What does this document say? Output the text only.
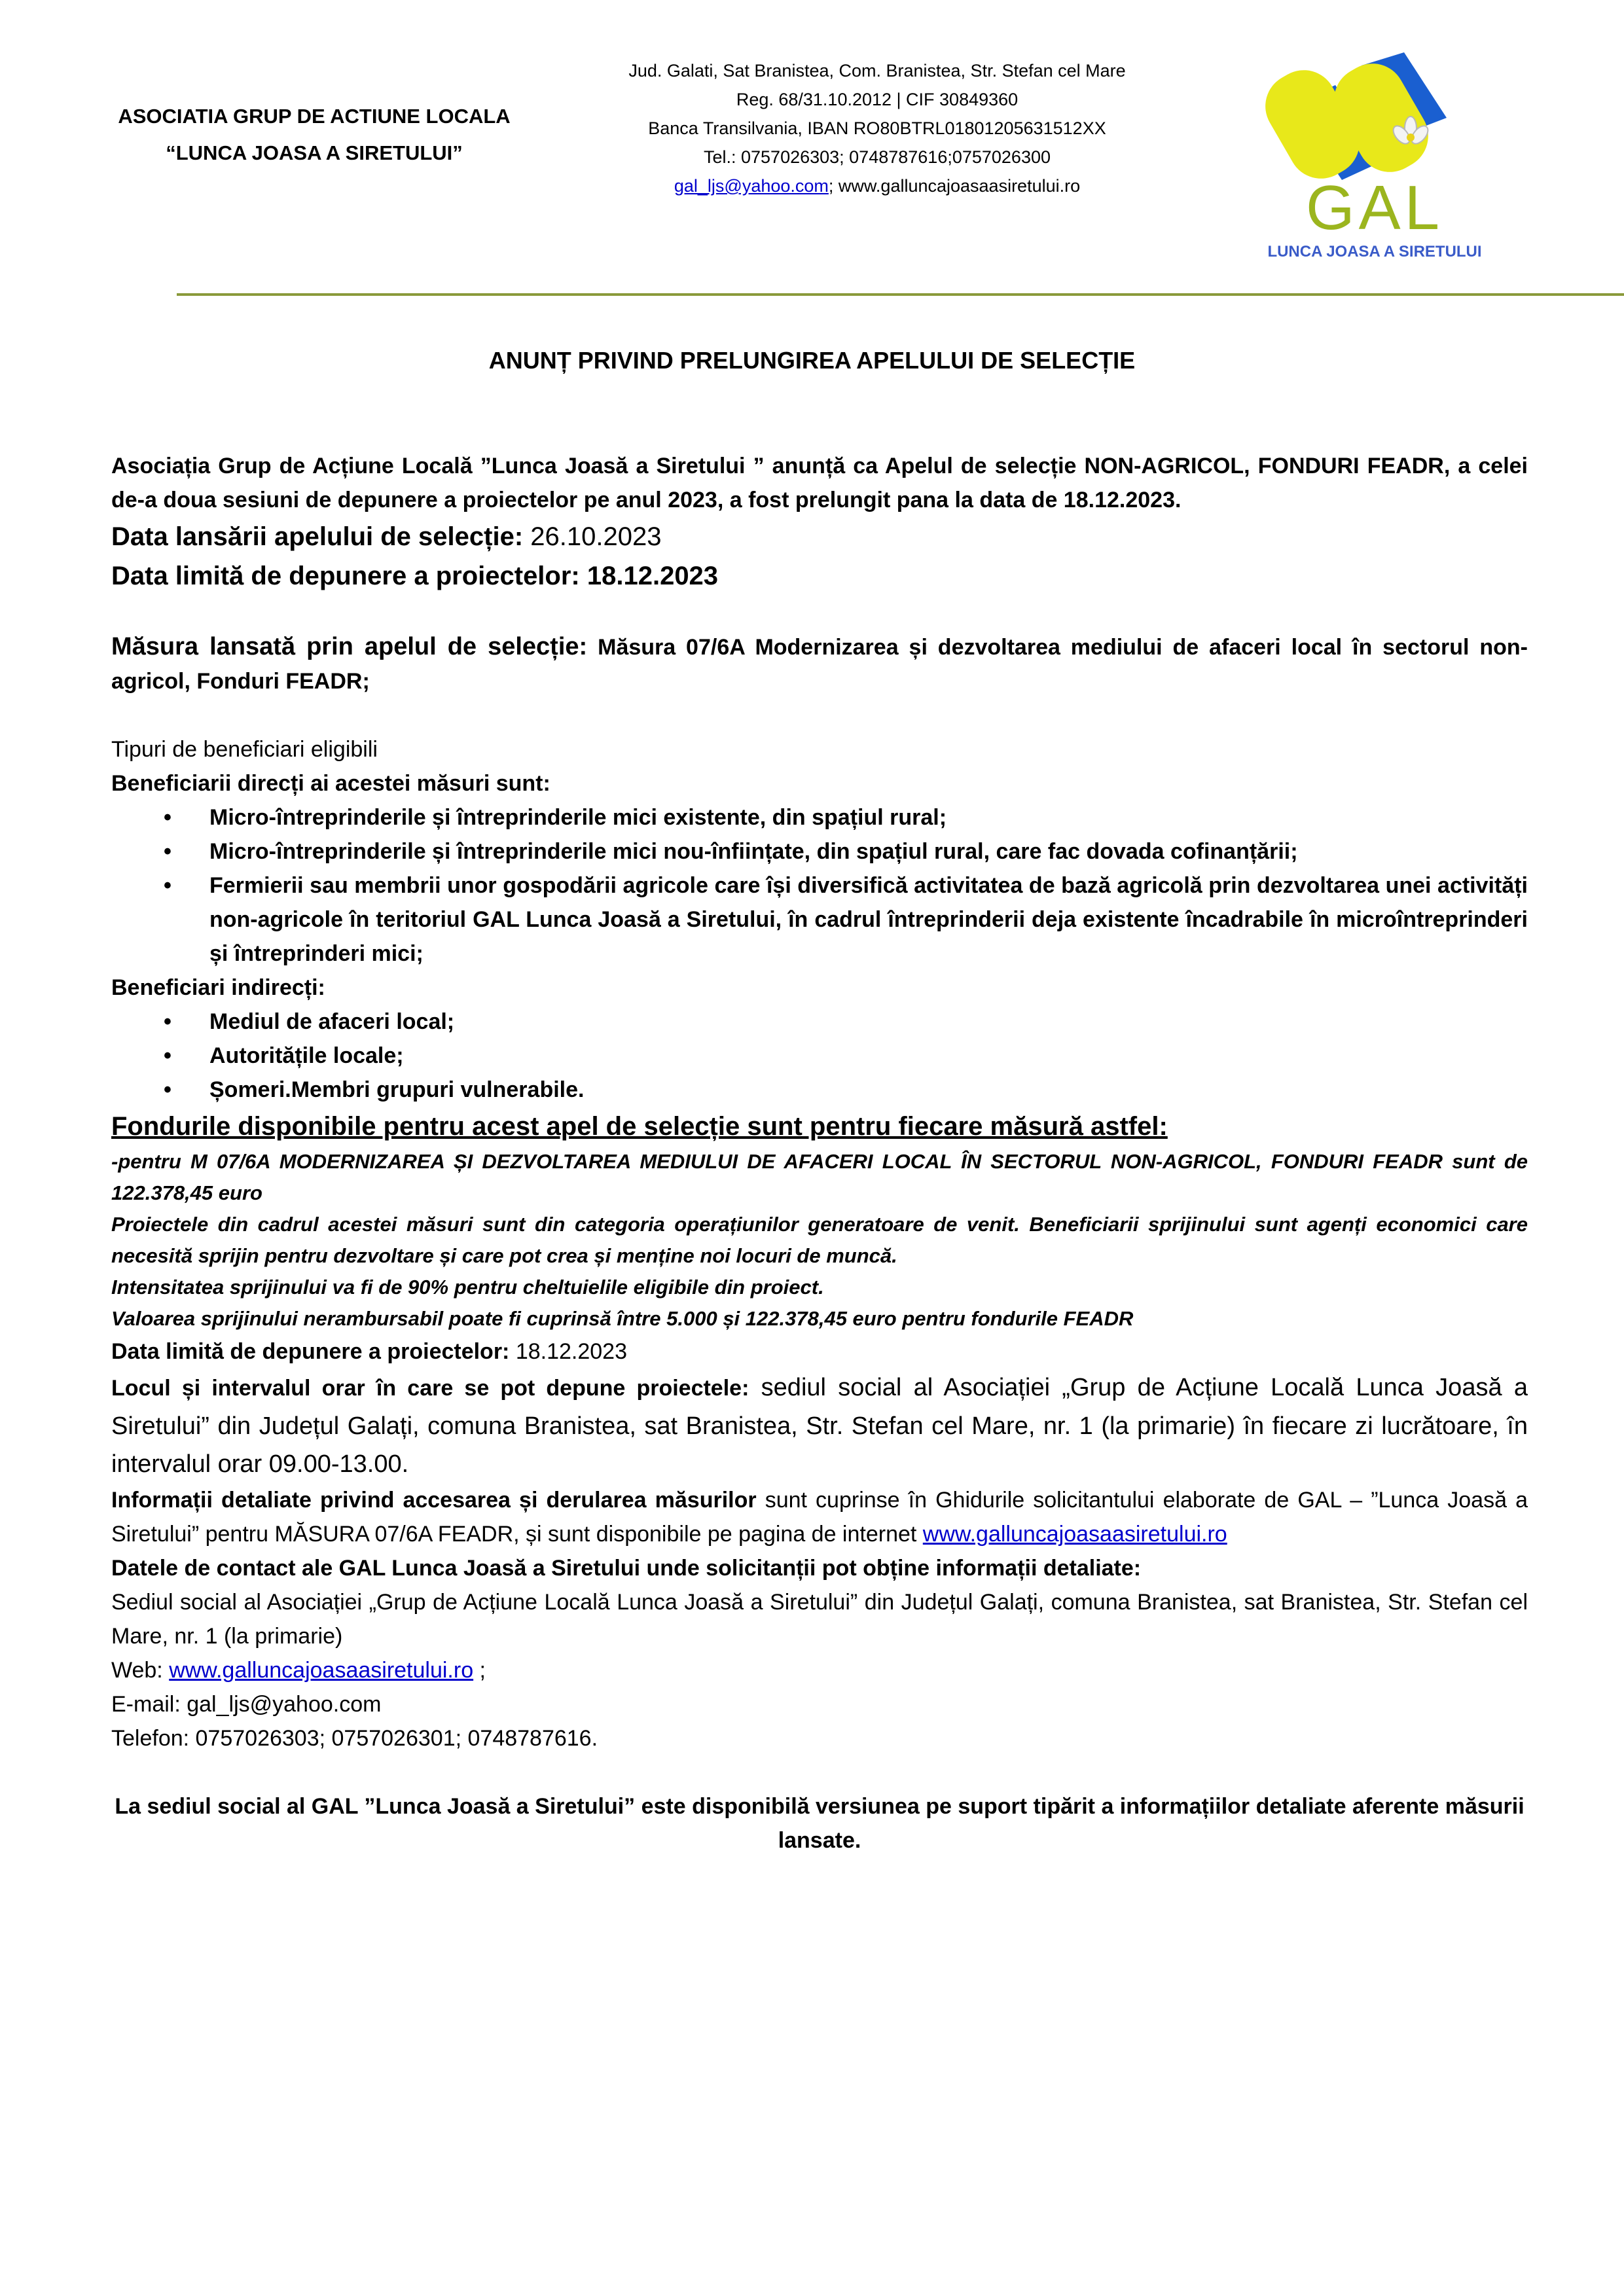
ASOCIATIA GRUP DE ACTIUNE LOCALA
“LUNCA JOASA A SIRETULUI”
Jud. Galati, Sat Branistea, Com. Branistea, Str. Stefan cel Mare
Reg. 68/31.10.2012 | CIF 30849360
Banca Transilvania, IBAN RO80BTRL01801205631512XX
Tel.: 0757026303; 0748787616;0757026300
gal_ljs@yahoo.com; www.galluncajoasaasiretului.ro	GAL
LUNCA JOASA A SIRETULUI
ANUNȚ PRIVIND PRELUNGIREA APELULUI DE SELECȚIE

Asociația Grup de Acțiune Locală ”Lunca Joasă a Siretului ” anunță ca Apelul de selecție NON-AGRICOL, FONDURI FEADR, a celei de-a doua sesiuni de depunere a proiectelor pe anul 2023, a fost prelungit pana la data de 18.12.2023.

Data lansării apelului de selecție: 26.10.2023

Data limită de depunere a proiectelor: 18.12.2023

Măsura lansată prin apelul de selecție: Măsura 07/6A Modernizarea și dezvoltarea mediului de afaceri local în sectorul non-agricol, Fonduri FEADR;

Tipuri de beneficiari eligibili

Beneficiarii direcți ai acestei măsuri sunt:

• Micro-întreprinderile și întreprinderile mici existente, din spațiul rural;
• Micro-întreprinderile și întreprinderile mici nou-înființate, din spațiul rural, care fac dovada cofinanțării;
• Fermierii sau membrii unor gospodării agricole care își diversifică activitatea de bază agricolă prin dezvoltarea unei activități non-agricole în teritoriul GAL Lunca Joasă a Siretului, în cadrul întreprinderii deja existente încadrabile în microîntreprinderi și întreprinderi mici;

Beneficiari indirecți:

• Mediul de afaceri local;
• Autoritățile locale;
• Șomeri.Membri grupuri vulnerabile.

Fondurile disponibile pentru acest apel de selecție sunt pentru fiecare măsură astfel:

-pentru M 07/6A MODERNIZAREA ȘI DEZVOLTAREA MEDIULUI DE AFACERI LOCAL ÎN SECTORUL NON-AGRICOL, FONDURI FEADR sunt de 122.378,45 euro

Proiectele din cadrul acestei măsuri sunt din categoria operațiunilor generatoare de venit. Beneficiarii sprijinului sunt agenți economici care necesită sprijin pentru dezvoltare și care pot crea și menține noi locuri de muncă.

Intensitatea sprijinului va fi de 90% pentru cheltuielile eligibile din proiect.

Valoarea sprijinului nerambursabil poate fi cuprinsă între 5.000 și 122.378,45 euro pentru fondurile FEADR

Data limită de depunere a proiectelor: 18.12.2023

Locul și intervalul orar în care se pot depune proiectele: sediul social al Asociației „Grup de Acțiune Locală Lunca Joasă a Siretului” din Județul Galați, comuna Branistea, sat Branistea, Str. Stefan cel Mare, nr. 1 (la primarie) în fiecare zi lucrătoare, în intervalul orar 09.00-13.00.

Informații detaliate privind accesarea și derularea măsurilor sunt cuprinse în Ghidurile solicitantului elaborate de GAL – ”Lunca Joasă a Siretului” pentru MĂSURA 07/6A FEADR, și sunt disponibile pe pagina de internet www.galluncajoasaasiretului.ro

Datele de contact ale GAL Lunca Joasă a Siretului unde solicitanții pot obține informații detaliate:

Sediul social al Asociației „Grup de Acțiune Locală Lunca Joasă a Siretului” din Județul Galați, comuna Branistea, sat Branistea, Str. Stefan cel Mare, nr. 1 (la primarie)

Web: www.galluncajoasaasiretului.ro ;

E-mail: gal_ljs@yahoo.com

Telefon: 0757026303; 0757026301; 0748787616.

La sediul social al GAL ”Lunca Joasă a Siretului” este disponibilă versiunea pe suport tipărit a informațiilor detaliate aferente măsurii lansate.
